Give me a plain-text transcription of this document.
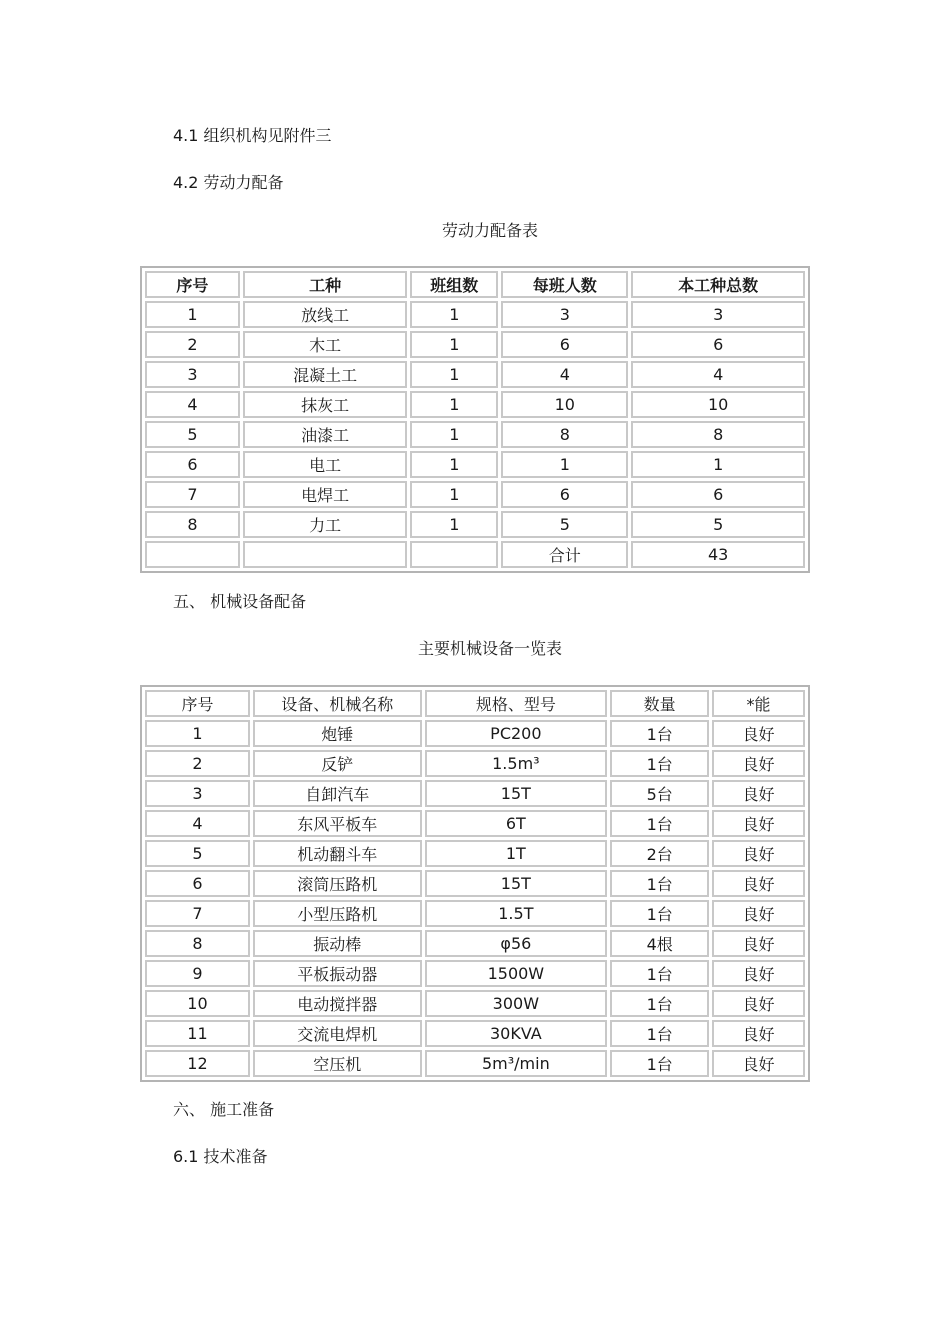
4.1 组织机构见附件三
4.2 劳动力配备
劳动力配备表
序号	工种	班组数	每班人数	本工种总数
1	放线工	1	3	3
2	木工	1	6	6
3	混凝土工	1	4	4
4	抹灰工	1	10	10
5	油漆工	1	8	8
6	电工	1	1	1
7	电焊工	1	6	6
8	力工	1	5	5
			合计	43
五、 机械设备配备
主要机械设备一览表
序号	设备、机械名称	规格、型号	数量	*能
1	炮锤	PC200	1台	良好
2	反铲	1.5m³	1台	良好
3	自卸汽车	15T	5台	良好
4	东风平板车	6T	1台	良好
5	机动翻斗车	1T	2台	良好
6	滚筒压路机	15T	1台	良好
7	小型压路机	1.5T	1台	良好
8	振动棒	φ56	4根	良好
9	平板振动器	1500W	1台	良好
10	电动搅拌器	300W	1台	良好
11	交流电焊机	30KVA	1台	良好
12	空压机	5m³/min	1台	良好
六、 施工准备
6.1 技术准备
